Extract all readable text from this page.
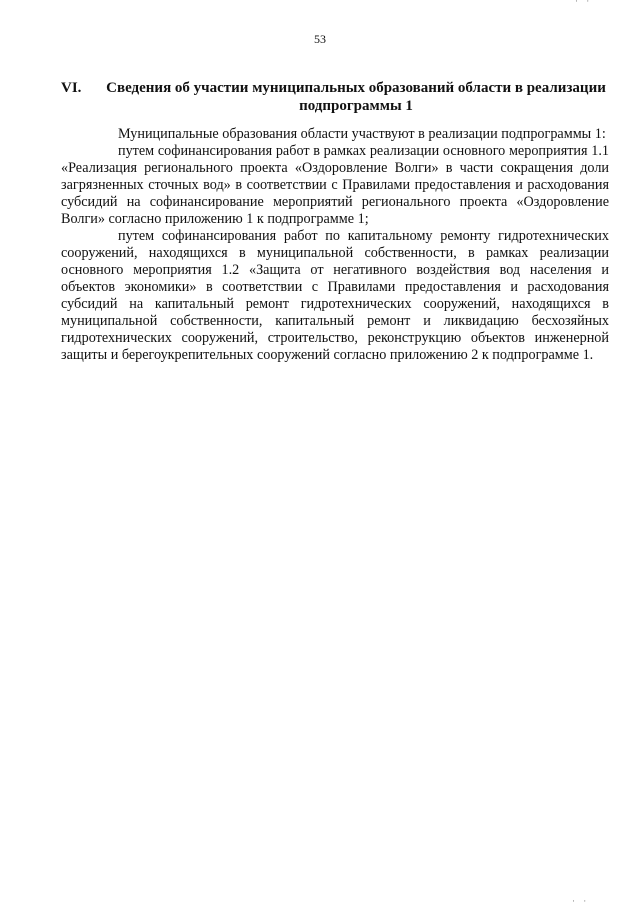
· ·
53
VI. Сведения об участии муниципальных образований области в реализации подпрограммы 1

Муниципальные образования области участвуют в реализации подпрограммы 1:

путем софинансирования работ в рамках реализации основного мероприятия 1.1 «Реализация регионального проекта «Оздоровление Волги» в части сокращения доли загрязненных сточных вод» в соответствии с Правилами предоставления и расходования субсидий на софинансирование мероприятий регионального проекта «Оздоровление Волги» согласно приложению 1 к подпрограмме 1;

путем софинансирования работ по капитальному ремонту гидротехнических сооружений, находящихся в муниципальной собственности, в рамках реализации основного мероприятия 1.2 «Защита от негативного воздействия вод населения и объектов экономики» в соответствии с Правилами предоставления и расходования субсидий на капитальный ремонт гидротехнических сооружений, находящихся в муниципальной собственности, капитальный ремонт и ликвидацию бесхозяйных гидротехнических сооружений, строительство, реконструкцию объектов инженерной защиты и берегоукрепительных сооружений согласно приложению 2 к подпрограмме 1.

· ·
